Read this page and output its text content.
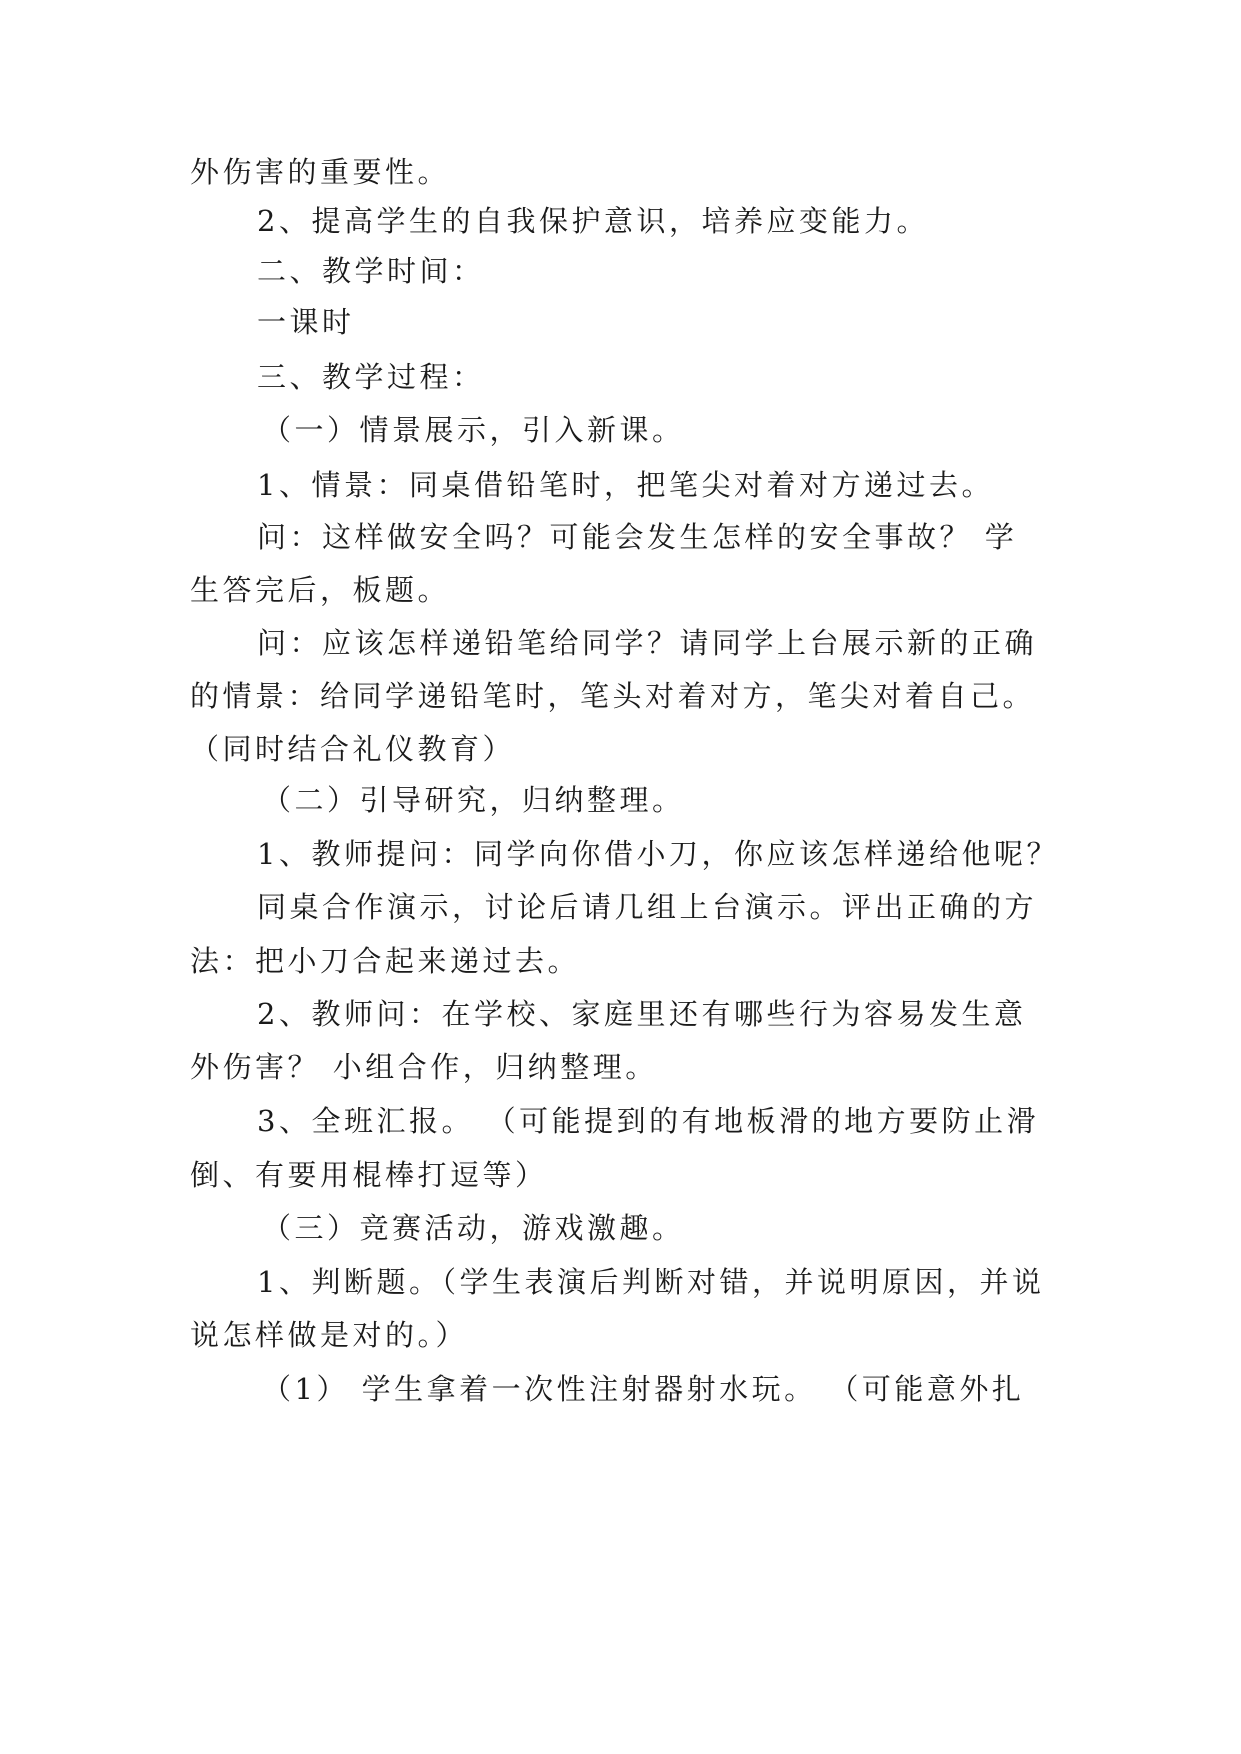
外伤害的重要性。
2、提高学生的自我保护意识，培养应变能力。
二、教学时间：
一课时
三、教学过程：
（一）情景展示，引入新课。
1、情景：同桌借铅笔时，把笔尖对着对方递过去。
问：这样做安全吗？可能会发生怎样的安全事故？ 学
生答完后，板题。
问：应该怎样递铅笔给同学？请同学上台展示新的正确
的情景：给同学递铅笔时，笔头对着对方，笔尖对着自己。
（同时结合礼仪教育）
（二）引导研究，归纳整理。
1、教师提问：同学向你借小刀，你应该怎样递给他呢？
同桌合作演示，讨论后请几组上台演示。评出正确的方
法：把小刀合起来递过去。
2、教师问：在学校、家庭里还有哪些行为容易发生意
外伤害？ 小组合作，归纳整理。
3、全班汇报。 （可能提到的有地板滑的地方要防止滑
倒、有要用棍棒打逗等）
（三）竞赛活动，游戏激趣。
1、判断题。（学生表演后判断对错，并说明原因，并说
说怎样做是对的。）
（1） 学生拿着一次性注射器射水玩。 （可能意外扎
